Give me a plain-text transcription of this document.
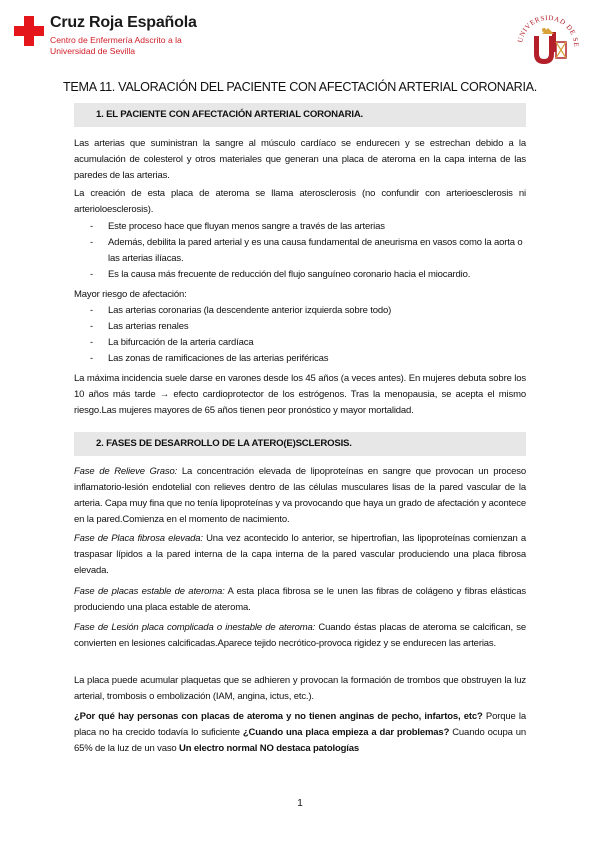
Cruz Roja Española
Centro de Enfermería Adscrito a la
Universidad de Sevilla
UNIVERSIDAD DE SE
TEMA 11. VALORACIÓN DEL PACIENTE CON AFECTACIÓN ARTERIAL CORONARIA.
1. EL PACIENTE CON AFECTACIÓN ARTERIAL CORONARIA.
Las arterias que suministran la sangre al músculo cardíaco se endurecen y se estrechan debido a la acumulación de colesterol y otros materiales que generan una placa de ateroma en la capa interna de las paredes de las arterias.
La creación de esta placa de ateroma se llama aterosclerosis (no confundir con arterioesclerosis ni arterioloesclerosis).
- Este proceso hace que fluyan menos sangre a través de las arterias
- Además, debilita la pared arterial y es una causa fundamental de aneurisma en vasos como la aorta o las arterias ilíacas.
- Es la causa más frecuente de reducción del flujo sanguíneo coronario hacia el miocardio.
Mayor riesgo de afectación:
- Las arterias coronarias (la descendente anterior izquierda sobre todo)
- Las arterias renales
- La bifurcación de la arteria cardíaca
- Las zonas de ramificaciones de las arterias periféricas
La máxima incidencia suele darse en varones desde los 45 años (a veces antes). En mujeres debuta sobre los 10 años más tarde → efecto cardioprotector de los estrógenos. Tras la menopausia, se acepta el mismo riesgo.Las mujeres mayores de 65 años tienen peor pronóstico y mayor mortalidad.
2. FASES DE DESARROLLO DE LA ATERO(E)SCLEROSIS.
Fase de Relieve Graso: La concentración elevada de lipoproteínas en sangre que provocan un proceso inflamatorio-lesión endotelial con relieves dentro de las células musculares lisas de la pared vascular de la arteria. Capa muy fina que no tenía lipoproteínas y va provocando que haya un grado de afectación y acontece en la pared.Comienza en el momento de nacimiento.
Fase de Placa fibrosa elevada: Una vez acontecido lo anterior, se hipertrofian, las lipoproteínas comienzan a traspasar lípidos a la pared interna de la capa interna de la pared vascular produciendo una placa fibrosa elevada.
Fase de placas estable de ateroma: A esta placa fibrosa se le unen las fibras de colágeno y fibras elásticas produciendo una placa estable de ateroma.
Fase de Lesión placa complicada o inestable de ateroma: Cuando éstas placas de ateroma se calcifican, se convierten en lesiones calcificadas.Aparece tejido necrótico-provoca rigidez y se endurecen las arterias.
La placa puede acumular plaquetas que se adhieren y provocan la formación de trombos que obstruyen la luz arterial, trombosis o embolización (IAM, angina, ictus, etc.).
¿Por qué hay personas con placas de ateroma y no tienen anginas de pecho, infartos, etc? Porque la placa no ha crecido todavía lo suficiente ¿Cuando una placa empieza a dar problemas? Cuando ocupa un 65% de la luz de un vaso Un electro normal NO destaca patologías
1
